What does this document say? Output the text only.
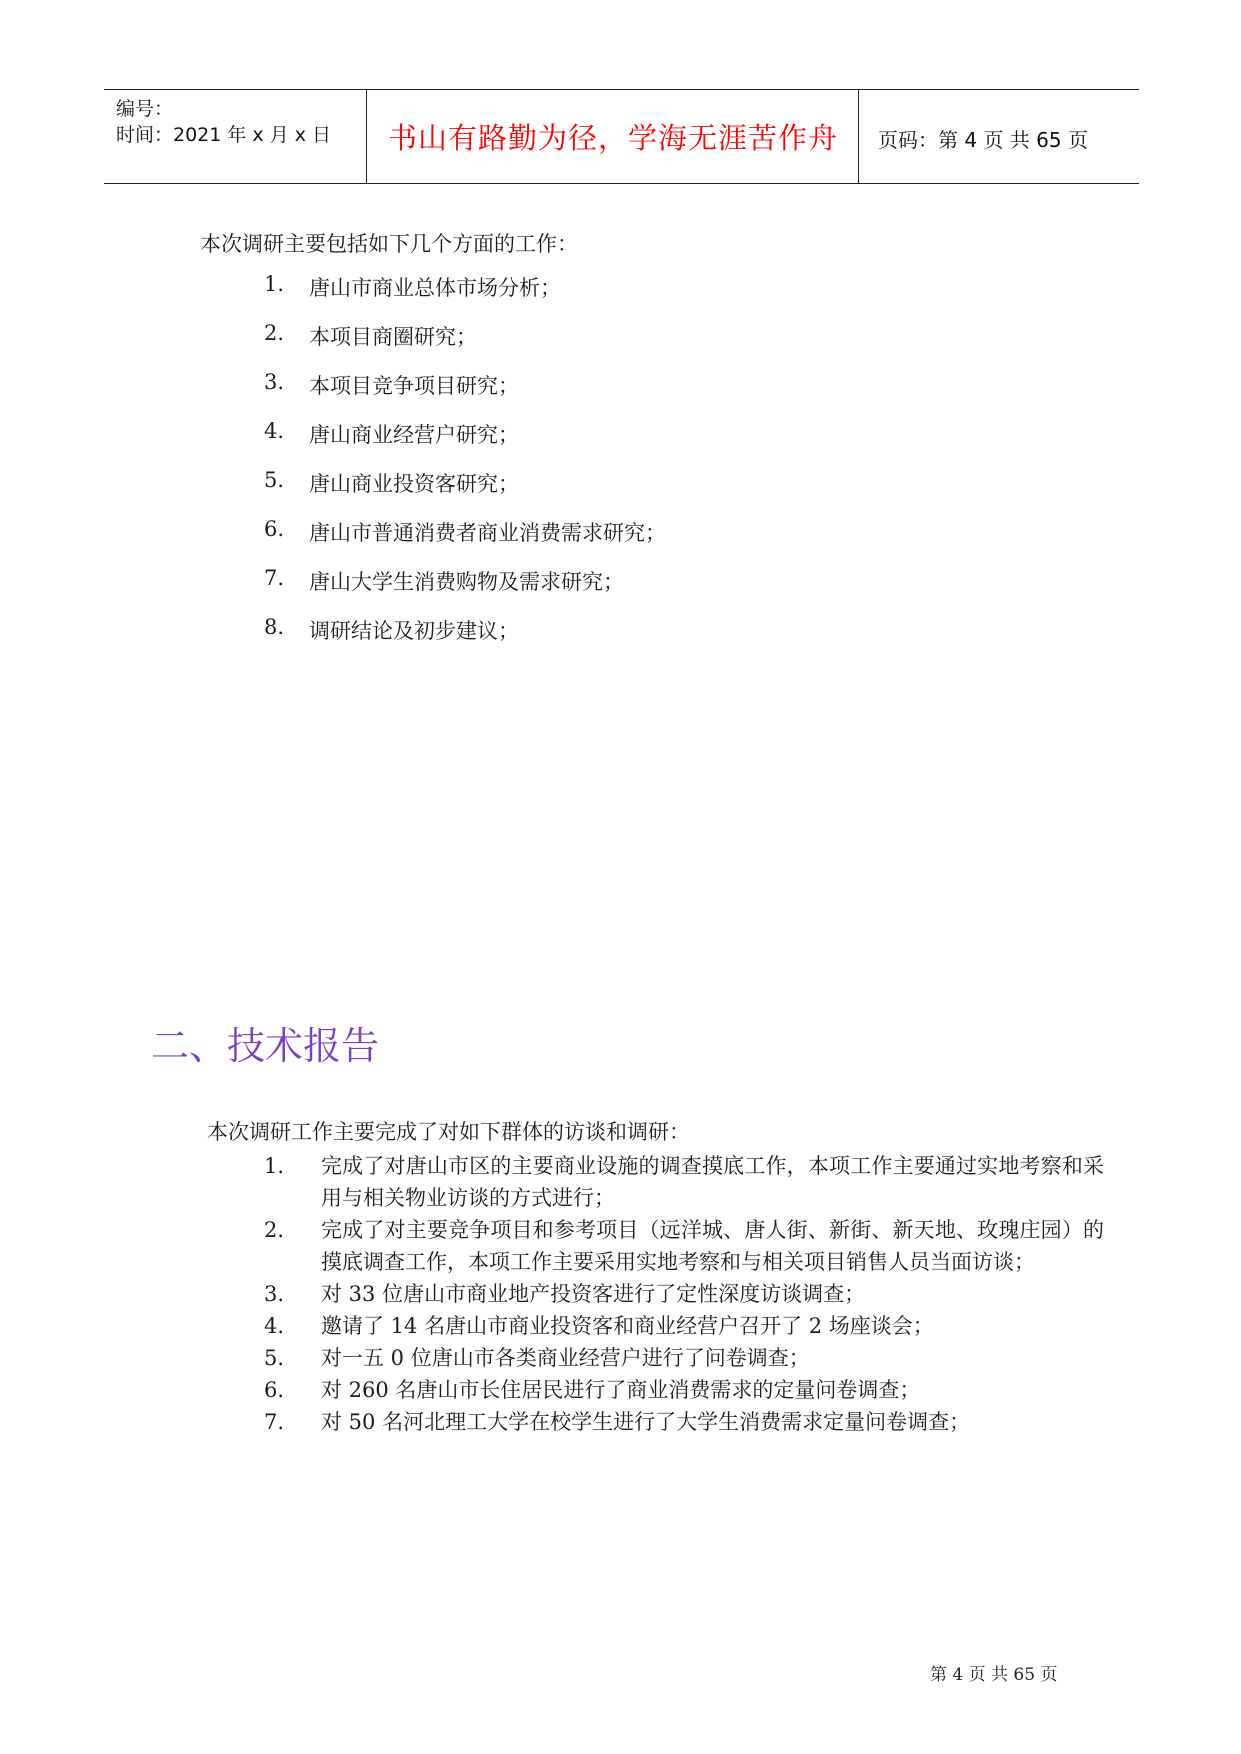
编号：
时间：2021 年 x 月 x 日	书山有路勤为径，学海无涯苦作舟	页码：第 4 页 共 65 页
本次调研主要包括如下几个方面的工作：
1.	唐山市商业总体市场分析；
2.	本项目商圈研究；
3.	本项目竞争项目研究；
4.	唐山商业经营户研究；
5.	唐山商业投资客研究；
6.	唐山市普通消费者商业消费需求研究；
7.	唐山大学生消费购物及需求研究；
8.	调研结论及初步建议；
二、技术报告
本次调研工作主要完成了对如下群体的访谈和调研：
1.	完成了对唐山市区的主要商业设施的调查摸底工作，本项工作主要通过实地考察和采用与相关物业访谈的方式进行；
2.	完成了对主要竞争项目和参考项目（远洋城、唐人街、新街、新天地、玫瑰庄园）的摸底调查工作，本项工作主要采用实地考察和与相关项目销售人员当面访谈；
3.	对 33 位唐山市商业地产投资客进行了定性深度访谈调查；
4.	邀请了 14 名唐山市商业投资客和商业经营户召开了 2 场座谈会；
5.	对一五 0 位唐山市各类商业经营户进行了问卷调查；
6.	对 260 名唐山市长住居民进行了商业消费需求的定量问卷调查；
7.	对 50 名河北理工大学在校学生进行了大学生消费需求定量问卷调查；
第 4 页 共 65 页
